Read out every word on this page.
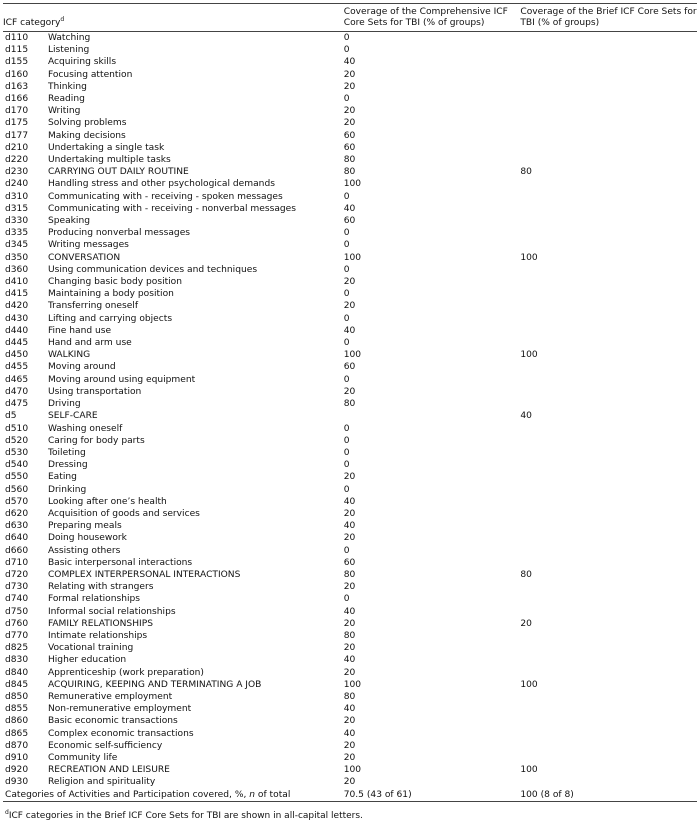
ICF category$^d$		Coverage of the Comprehensive ICF Core Sets for TBI (% of groups)	Coverage of the Brief ICF Core Sets for TBI (% of groups)
d110	Watching	0	
d115	Listening	0	
d155	Acquiring skills	40	
d160	Focusing attention	20	
d163	Thinking	20	
d166	Reading	0	
d170	Writing	20	
d175	Solving problems	20	
d177	Making decisions	60	
d210	Undertaking a single task	60	
d220	Undertaking multiple tasks	80	
d230	CARRYING OUT DAILY ROUTINE	80	80
d240	Handling stress and other psychological demands	100	
d310	Communicating with - receiving - spoken messages	0	
d315	Communicating with - receiving - nonverbal messages	40	
d330	Speaking	60	
d335	Producing nonverbal messages	0	
d345	Writing messages	0	
d350	CONVERSATION	100	100
d360	Using communication devices and techniques	0	
d410	Changing basic body position	20	
d415	Maintaining a body position	0	
d420	Transferring oneself	20	
d430	Lifting and carrying objects	0	
d440	Fine hand use	40	
d445	Hand and arm use	0	
d450	WALKING	100	100
d455	Moving around	60	
d465	Moving around using equipment	0	
d470	Using transportation	20	
d475	Driving	80	
d5	SELF-CARE		40
d510	Washing oneself	0	
d520	Caring for body parts	0	
d530	Toileting	0	
d540	Dressing	0	
d550	Eating	20	
d560	Drinking	0	
d570	Looking after one’s health	40	
d620	Acquisition of goods and services	20	
d630	Preparing meals	40	
d640	Doing housework	20	
d660	Assisting others	0	
d710	Basic interpersonal interactions	60	
d720	COMPLEX INTERPERSONAL INTERACTIONS	80	80
d730	Relating with strangers	20	
d740	Formal relationships	0	
d750	Informal social relationships	40	
d760	FAMILY RELATIONSHIPS	20	20
d770	Intimate relationships	80	
d825	Vocational training	20	
d830	Higher education	40	
d840	Apprenticeship (work preparation)	20	
d845	ACQUIRING, KEEPING AND TERMINATING A JOB	100	100
d850	Remunerative employment	80	
d855	Non-remunerative employment	40	
d860	Basic economic transactions	20	
d865	Complex economic transactions	40	
d870	Economic self-sufficiency	20	
d910	Community life	20	
d920	RECREATION AND LEISURE	100	100
d930	Religion and spirituality	20	
Categories of Activities and Participation covered, %, n of total		70.5 (43 of 61)	100 (8 of 8)
$^d$ICF categories in the Brief ICF Core Sets for TBI are shown in all-capital letters.
